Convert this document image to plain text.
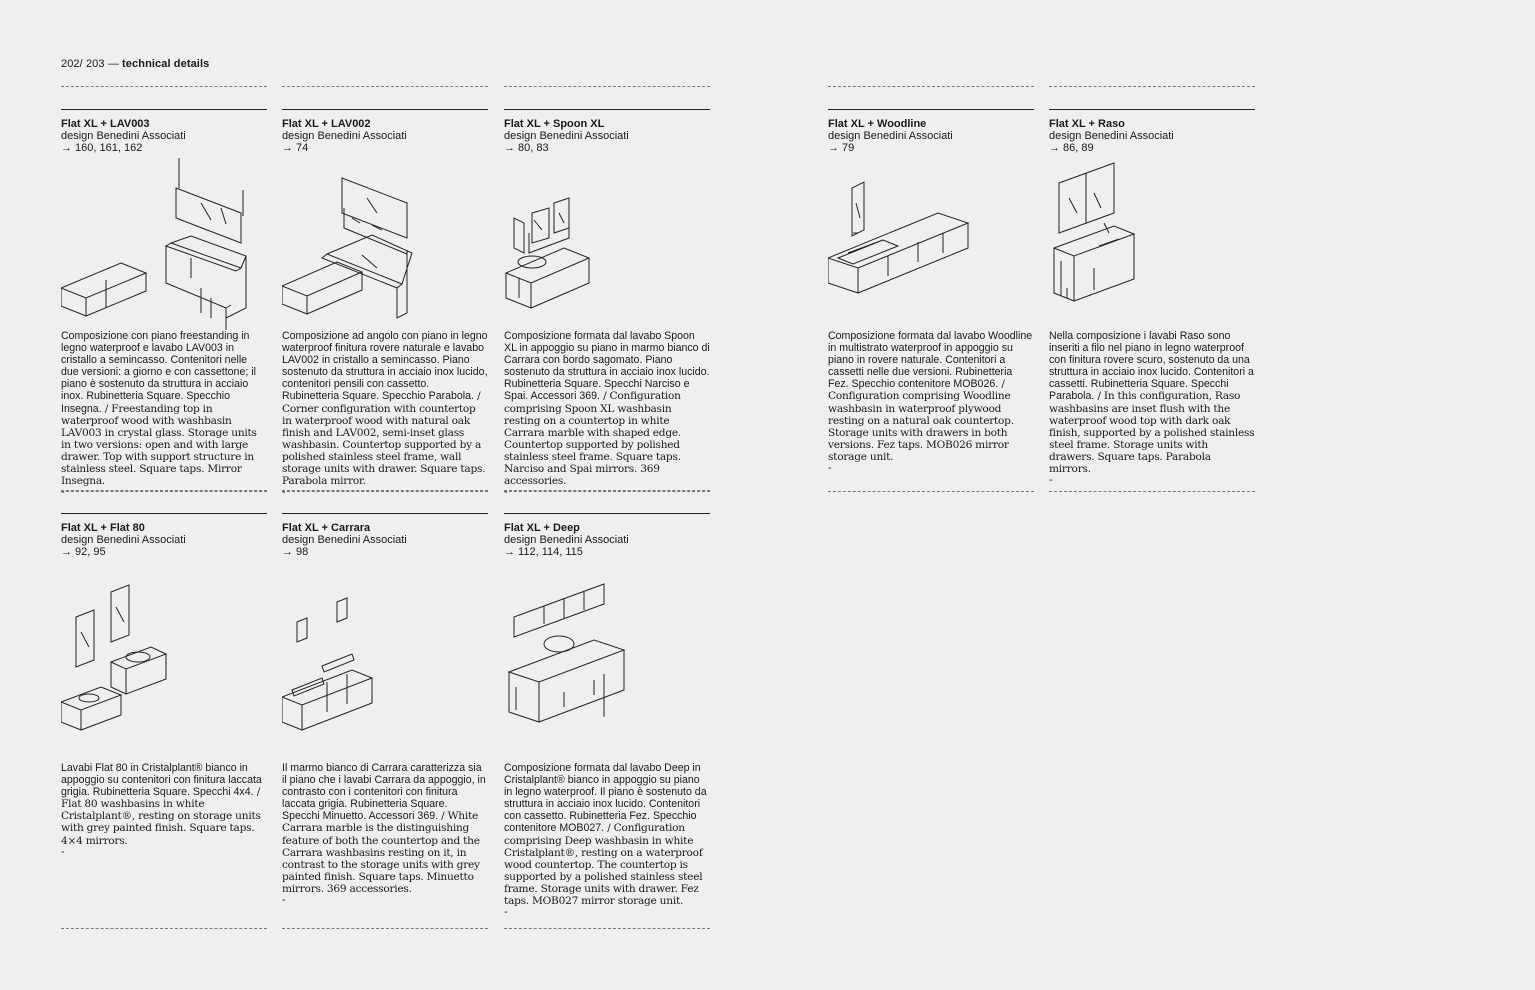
202/ 203 — technical details
Flat XL + LAV003
design Benedini Associati
→ 160, 161, 162
Composizione con piano freestanding in legno waterproof e lavabo LAV003 in cristallo a semincasso. Contenitori nelle due versioni: a giorno e con cassettone; il piano è sostenuto da struttura in acciaio inox. Rubinetteria Square. Specchio Insegna. / Freestanding top in waterproof wood with washbasin LAV003 in crystal glass. Storage units in two versions: open and with large drawer. Top with support structure in stainless steel. Square taps. Mirror Insegna.
-
Flat XL + LAV002
design Benedini Associati
→ 74
Composizione ad angolo con piano in legno waterproof finitura rovere naturale e lavabo LAV002 in cristallo a semincasso. Piano sostenuto da struttura in acciaio inox lucido, contenitori pensili con cassetto. Rubinetteria Square. Specchio Parabola. / Corner configuration with countertop in waterproof wood with natural oak finish and LAV002, semi-inset glass washbasin. Countertop supported by a polished stainless steel frame, wall storage units with drawer. Square taps. Parabola mirror.
-
Flat XL + Spoon XL
design Benedini Associati
→ 80, 83
Composizione formata dal lavabo Spoon XL in appoggio su piano in marmo bianco di Carrara con bordo sagomato. Piano sostenuto da struttura in acciaio inox lucido. Rubinetteria Square. Specchi Narciso e Spai. Accessori 369. / Configuration comprising Spoon XL washbasin resting on a countertop in white Carrara marble with shaped edge. Countertop supported by polished stainless steel frame. Square taps. Narciso and Spai mirrors. 369 accessories.
-
Flat XL + Woodline
design Benedini Associati
→ 79
Composizione formata dal lavabo Woodline in multistrato waterproof in appoggio su piano in rovere naturale. Contenitori a cassetti nelle due versioni. Rubinetteria Fez. Specchio contenitore MOB026. / Configuration comprising Woodline washbasin in waterproof plywood resting on a natural oak countertop. Storage units with drawers in both versions. Fez taps. MOB026 mirror storage unit.
-
Flat XL + Raso
design Benedini Associati
→ 86, 89
Nella composizione i lavabi Raso sono inseriti a filo nel piano in legno waterproof con finitura rovere scuro, sostenuto da una struttura in acciaio inox lucido. Contenitori a cassetti. Rubinetteria Square. Specchi Parabola. / In this configuration, Raso washbasins are inset flush with the waterproof wood top with dark oak finish, supported by a polished stainless steel frame. Storage units with drawers. Square taps. Parabola mirrors.
-
Flat XL + Flat 80
design Benedini Associati
→ 92, 95
Lavabi Flat 80 in Cristalplant® bianco in appoggio su contenitori con finitura laccata grigia. Rubinetteria Square. Specchi 4x4. / Flat 80 washbasins in white Cristalplant®, resting on storage units with grey painted finish. Square taps. 4×4 mirrors.
-
Flat XL + Carrara
design Benedini Associati
→ 98
Il marmo bianco di Carrara caratterizza sia il piano che i lavabi Carrara da appoggio, in contrasto con i contenitori con finitura laccata grigia. Rubinetteria Square. Specchi Minuetto. Accessori 369. / White Carrara marble is the distinguishing feature of both the countertop and the Carrara washbasins resting on it, in contrast to the storage units with grey painted finish. Square taps. Minuetto mirrors. 369 accessories.
-
Flat XL + Deep
design Benedini Associati
→ 112, 114, 115
Composizione formata dal lavabo Deep in Cristalplant® bianco in appoggio su piano in legno waterproof. Il piano è sostenuto da struttura in acciaio inox lucido. Contenitori con cassetto. Rubinetteria Fez. Specchio contenitore MOB027. / Configuration comprising Deep washbasin in white Cristalplant®, resting on a waterproof wood countertop. The countertop is supported by a polished stainless steel frame. Storage units with drawer. Fez taps. MOB027 mirror storage unit.
-
